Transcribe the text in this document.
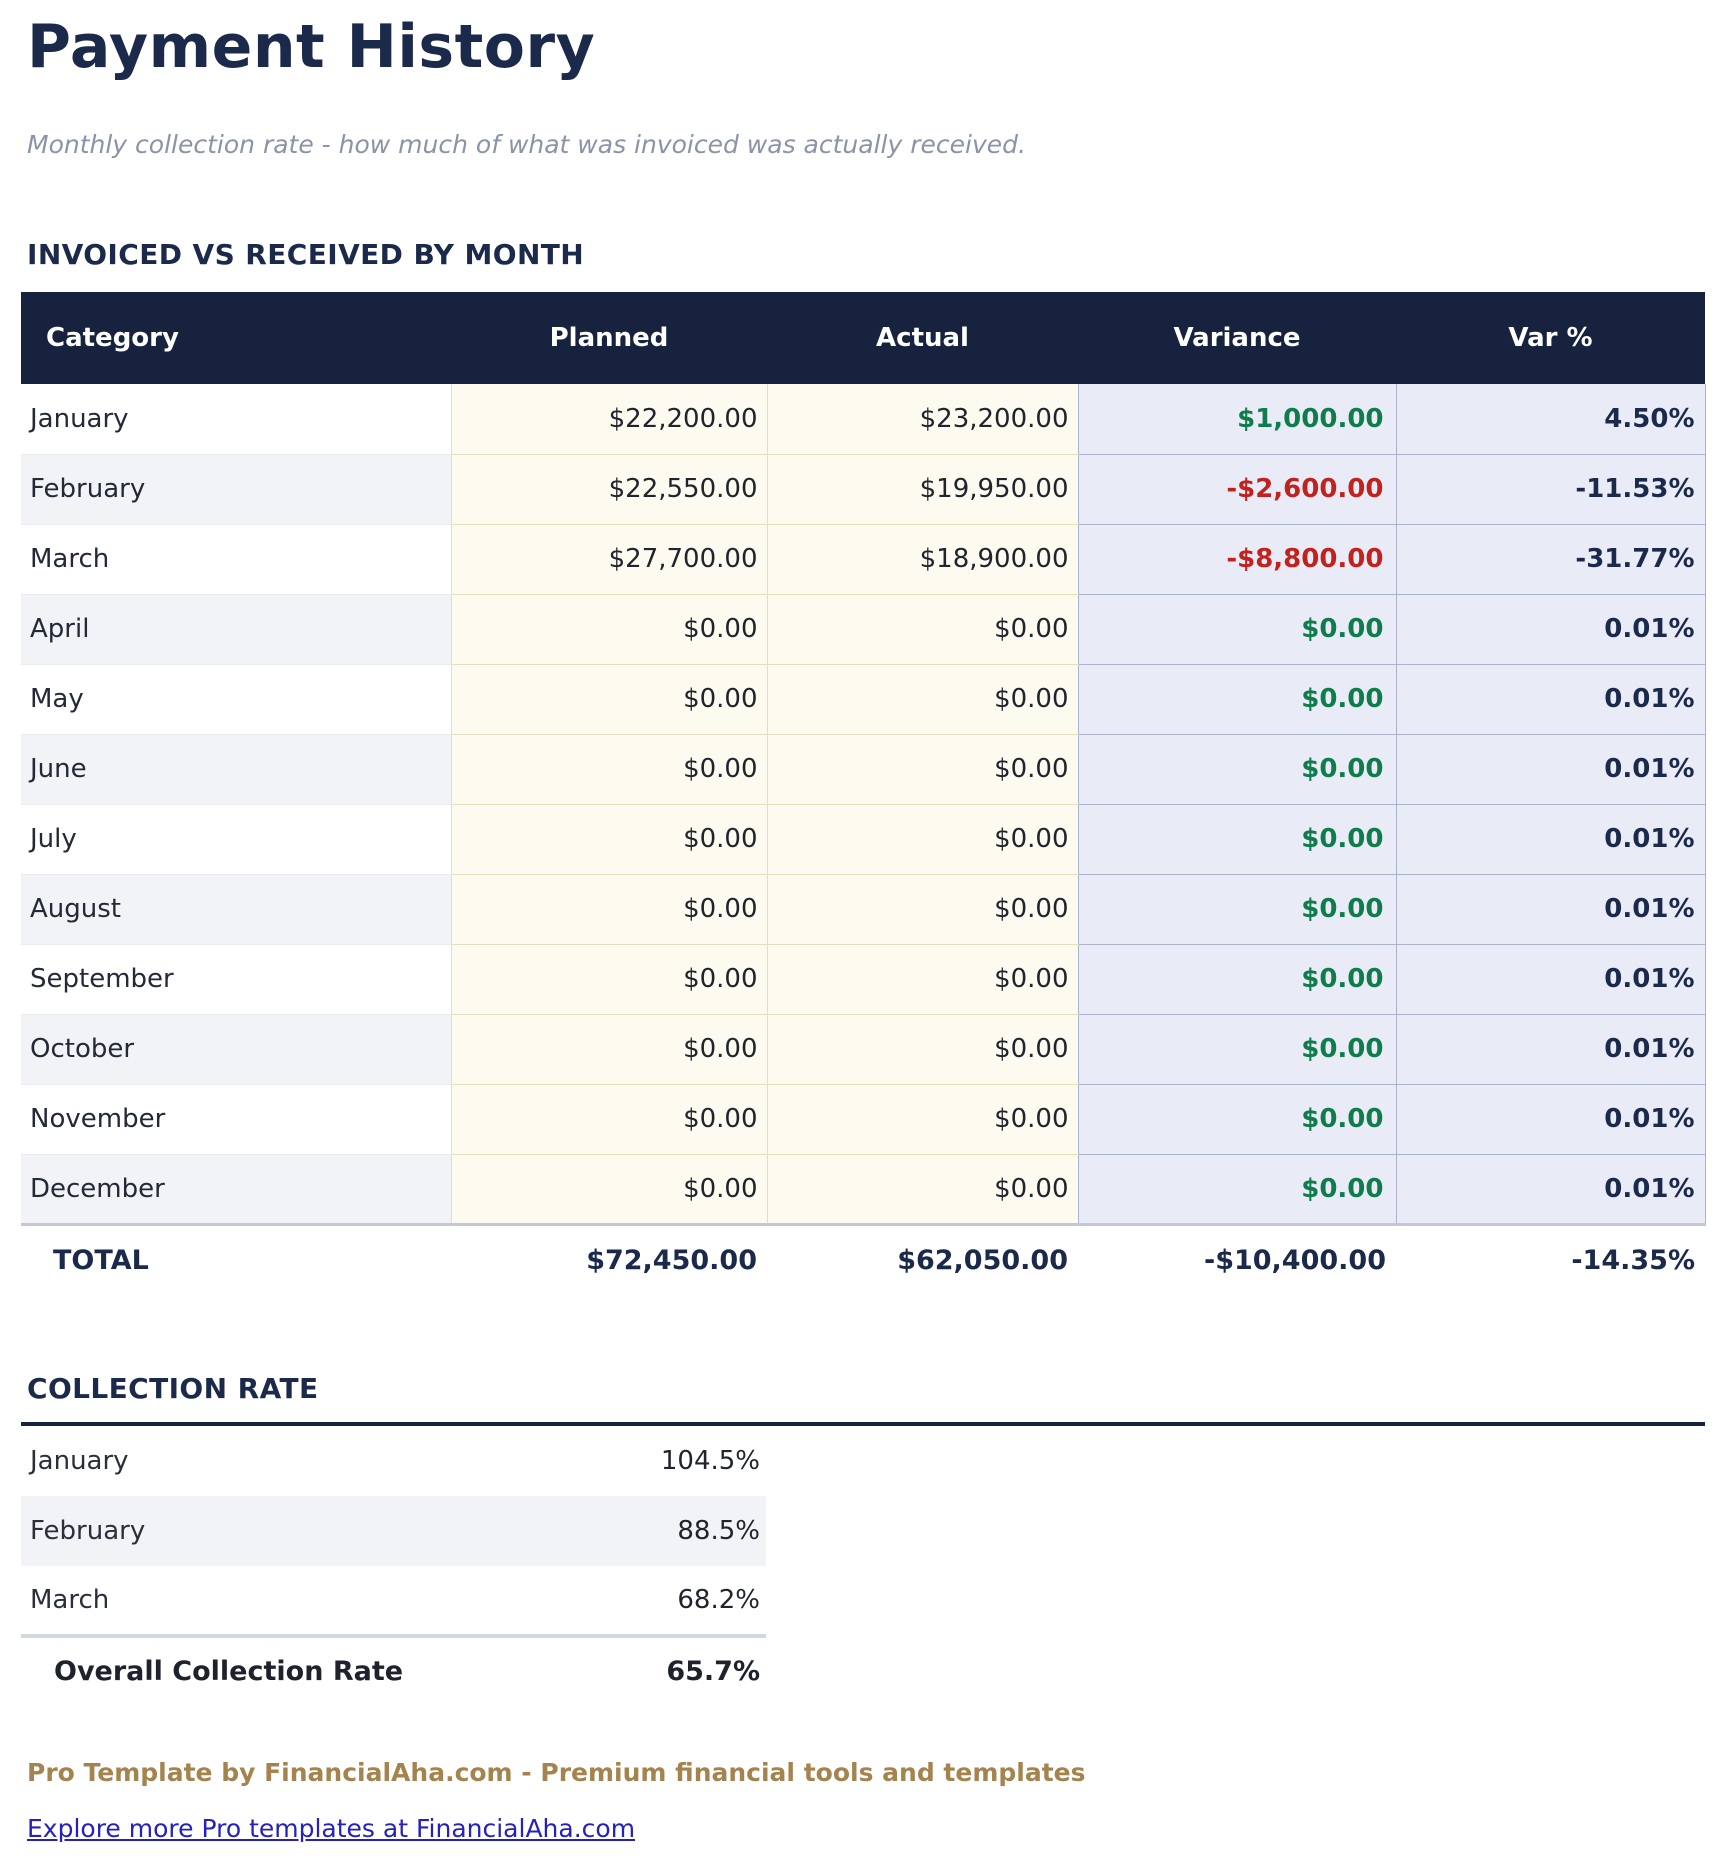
Payment History

Monthly collection rate - how much of what was invoiced was actually received.

INVOICED VS RECEIVED BY MONTH
Category	Planned	Actual	Variance	Var %
January	$22,200.00	$23,200.00	$1,000.00	4.50%
February	$22,550.00	$19,950.00	-$2,600.00	-11.53%
March	$27,700.00	$18,900.00	-$8,800.00	-31.77%
April	$0.00	$0.00	$0.00	0.01%
May	$0.00	$0.00	$0.00	0.01%
June	$0.00	$0.00	$0.00	0.01%
July	$0.00	$0.00	$0.00	0.01%
August	$0.00	$0.00	$0.00	0.01%
September	$0.00	$0.00	$0.00	0.01%
October	$0.00	$0.00	$0.00	0.01%
November	$0.00	$0.00	$0.00	0.01%
December	$0.00	$0.00	$0.00	0.01%
TOTAL	$72,450.00	$62,050.00	-$10,400.00	-14.35%
COLLECTION RATE
January	104.5%
February	88.5%
March	68.2%
Overall Collection Rate	65.7%

Pro Template by FinancialAha.com - Premium financial tools and templates

Explore more Pro templates at FinancialAha.com
